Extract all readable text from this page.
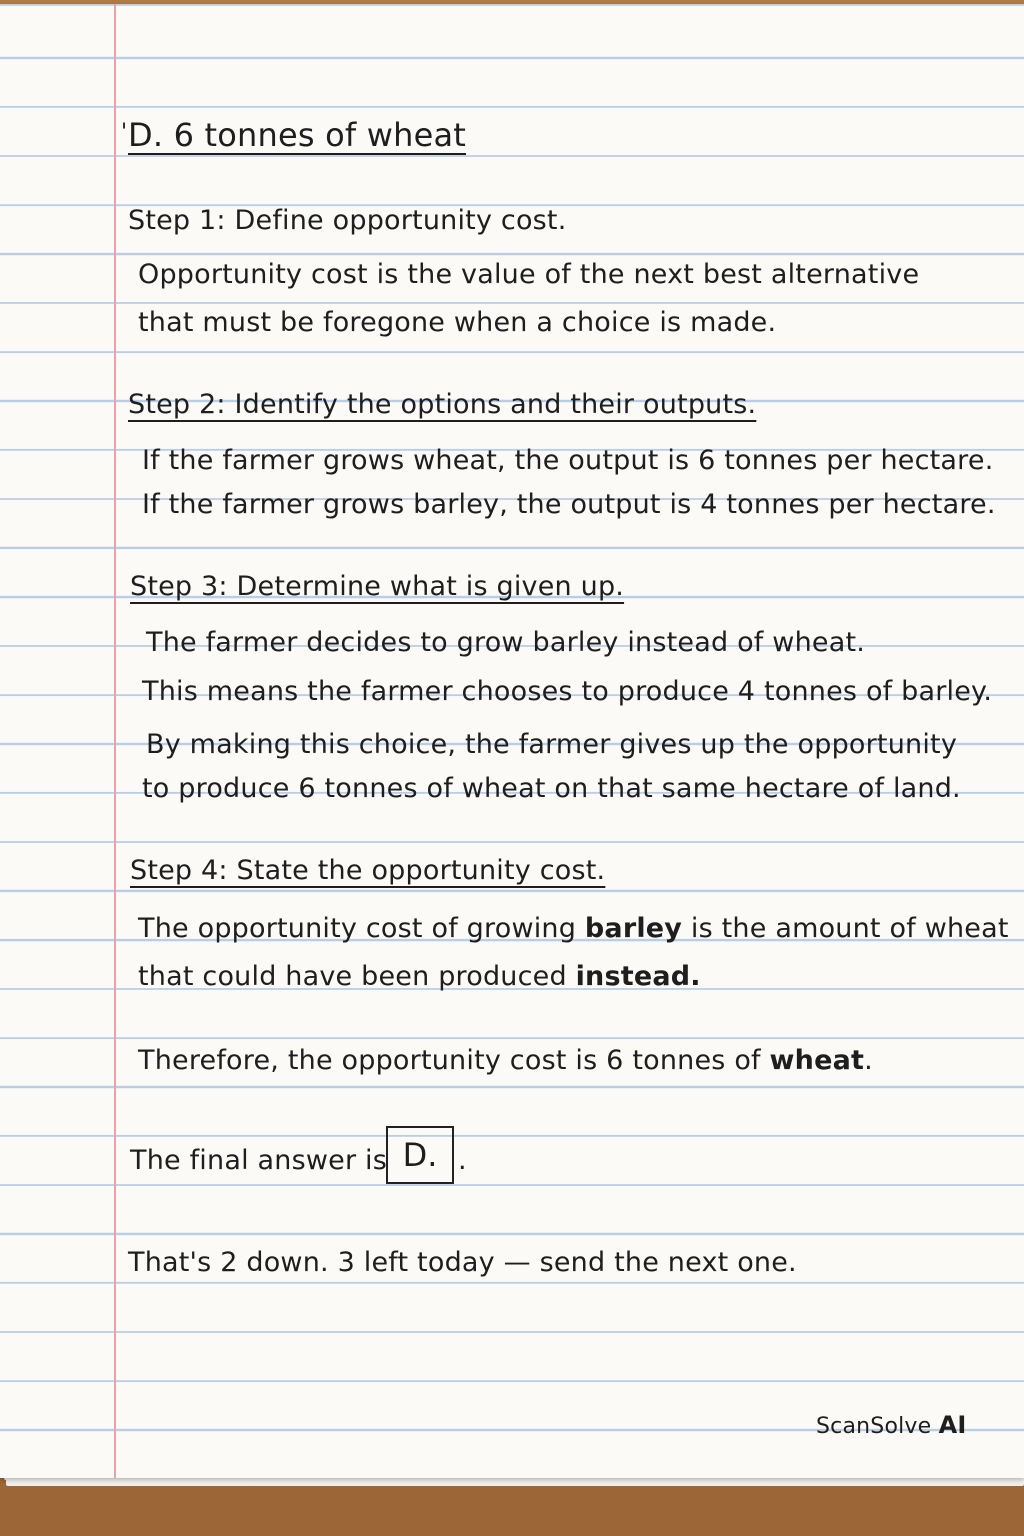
' D. 6 tonnes of wheat
Step 1: Define opportunity cost.
Opportunity cost is the value of the next best alternative
that must be foregone when a choice is made.
Step 2: Identify the options and their outputs.
If the farmer grows wheat, the output is 6 tonnes per hectare.
If the farmer grows barley, the output is 4 tonnes per hectare.
Step 3: Determine what is given up.
The farmer decides to grow barley instead of wheat.
This means the farmer chooses to produce 4 tonnes of barley.
By making this choice, the farmer gives up the opportunity
to produce 6 tonnes of wheat on that same hectare of land.
Step 4: State the opportunity cost.
The opportunity cost of growing barley is the amount of wheat
that could have been produced instead.
Therefore, the opportunity cost is 6 tonnes of wheat.
The final answer is D. .
That's 2 down. 3 left today — send the next one.
ScanSolve AI
